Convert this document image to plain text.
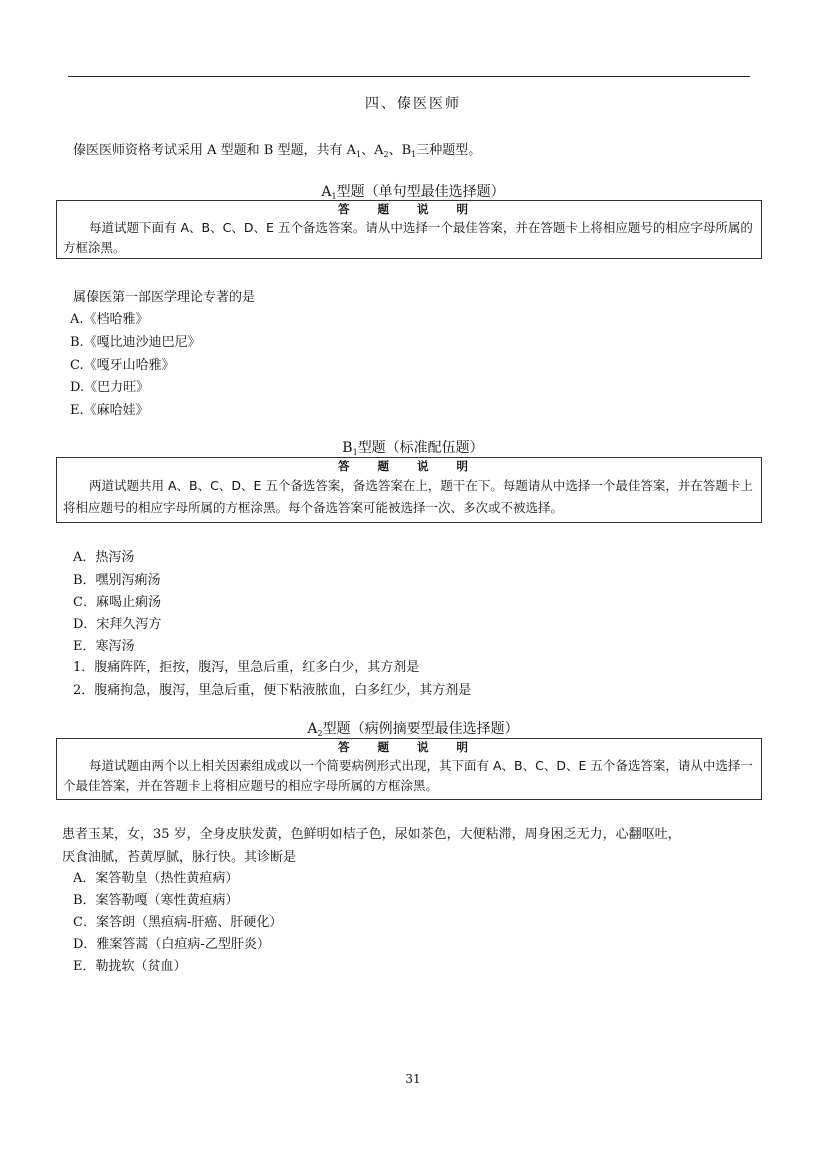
四、傣医医师
傣医医师资格考试采用 A 型题和 B 型题，共有 $A_1$、$A_2$、$B_1$三种题型。
$A_1$型题（单句型最佳选择题）
答 题 说 明
每道试题下面有 A、B、C、D、E 五个备选答案。请从中选择一个最佳答案，并在答题卡上将相应题号的相应字母所属的方框涂黑。
属傣医第一部医学理论专著的是
A.《档哈雅》
B.《嘎比迪沙迪巴尼》
C.《嘎牙山哈雅》
D.《巴力旺》
E.《麻哈娃》
$B_1$型题（标准配伍题）
答 题 说 明
两道试题共用 A、B、C、D、E 五个备选答案，备选答案在上，题干在下。每题请从中选择一个最佳答案，并在答题卡上将相应题号的相应字母所属的方框涂黑。每个备选答案可能被选择一次、多次或不被选择。
A．热泻汤
B．嘿别泻痢汤
C．麻喝止痢汤
D．宋拜久泻方
E．寒泻汤
1．腹痛阵阵，拒按，腹泻，里急后重，红多白少，其方剂是
2．腹痛拘急，腹泻，里急后重，便下粘液脓血，白多红少，其方剂是
$A_2$型题（病例摘要型最佳选择题）
答 题 说 明
每道试题由两个以上相关因素组成或以一个简要病例形式出现，其下面有 A、B、C、D、E 五个备选答案，请从中选择一个最佳答案，并在答题卡上将相应题号的相应字母所属的方框涂黑。
患者玉某，女，35 岁，全身皮肤发黄，色鲜明如桔子色，尿如茶色，大便粘滞，周身困乏无力，心翻呕吐，
厌食油腻，苔黄厚腻，脉行快。其诊断是
A．案答勒皇（热性黄疸病）
B．案答勒嘎（寒性黄疸病）
C．案答朗（黑疸病-肝癌、肝硬化）
D．雅案答蒿（白疸病-乙型肝炎）
E．勒拢软（贫血）
31
